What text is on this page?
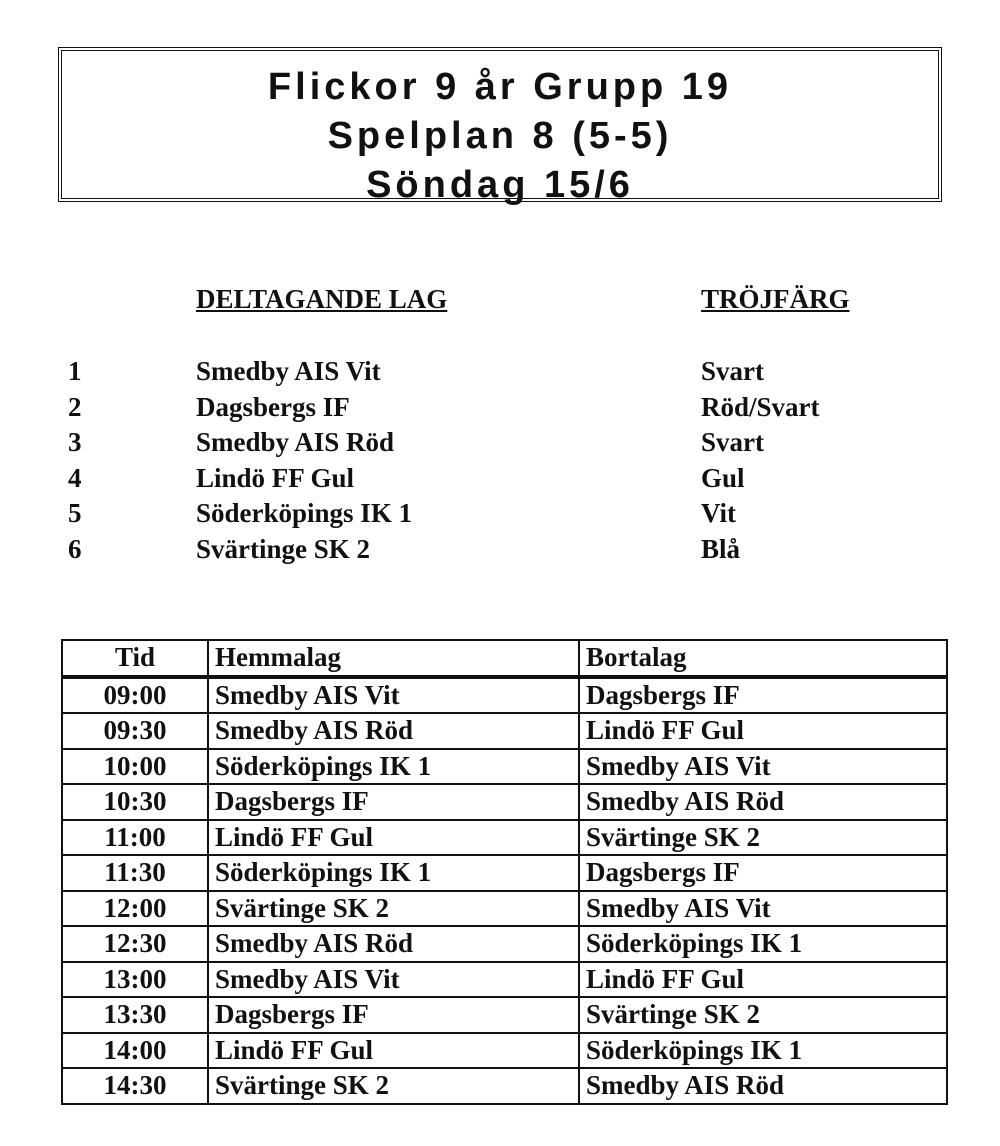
Flickor 9 år Grupp 19

Spelplan 8 (5-5)

Söndag 15/6

DELTAGANDE LAG	TRÖJFÄRG
1	Smedby AIS Vit	Svart
2	Dagsbergs IF	Röd/Svart
3	Smedby AIS Röd	Svart
4	Lindö FF Gul	Gul
5	Söderköpings IK 1	Vit
6	Svärtinge SK 2	Blå
Tid	Hemmalag	Bortalag
09:00	Smedby AIS Vit	Dagsbergs IF
09:30	Smedby AIS Röd	Lindö FF Gul
10:00	Söderköpings IK 1	Smedby AIS Vit
10:30	Dagsbergs IF	Smedby AIS Röd
11:00	Lindö FF Gul	Svärtinge SK 2
11:30	Söderköpings IK 1	Dagsbergs IF
12:00	Svärtinge SK 2	Smedby AIS Vit
12:30	Smedby AIS Röd	Söderköpings IK 1
13:00	Smedby AIS Vit	Lindö FF Gul
13:30	Dagsbergs IF	Svärtinge SK 2
14:00	Lindö FF Gul	Söderköpings IK 1
14:30	Svärtinge SK 2	Smedby AIS Röd
